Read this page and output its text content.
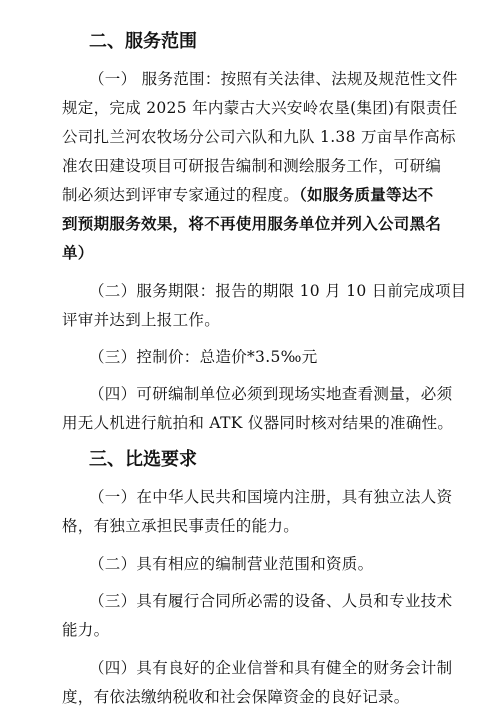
二、服务范围
（一） 服务范围：按照有关法律、法规及规范性文件
规定，完成 2025 年内蒙古大兴安岭农垦(集团)有限责任
公司扎兰河农牧场分公司六队和九队 1.38 万亩旱作高标
准农田建设项目可研报告编制和测绘服务工作，可研编
制必须达到评审专家通过的程度。（如服务质量等达不
到预期服务效果，将不再使用服务单位并列入公司黑名
单）
（二）服务期限：报告的期限 10 月 10 日前完成项目
评审并达到上报工作。
（三）控制价：总造价*3.5‰元
（四）可研编制单位必须到现场实地查看测量，必须
用无人机进行航拍和 ATK 仪器同时核对结果的准确性。
三、比选要求
（一）在中华人民共和国境内注册，具有独立法人资
格，有独立承担民事责任的能力。
（二）具有相应的编制营业范围和资质。
（三）具有履行合同所必需的设备、人员和专业技术
能力。
（四）具有良好的企业信誉和具有健全的财务会计制
度，有依法缴纳税收和社会保障资金的良好记录。
